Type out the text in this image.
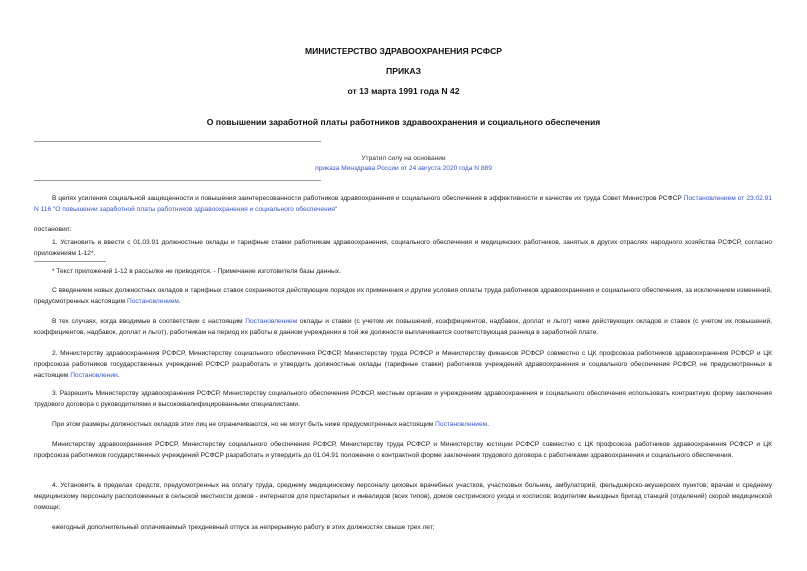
МИНИСТЕРСТВО ЗДРАВООХРАНЕНИЯ РСФСР
ПРИКАЗ
от 13 марта 1991 года N 42
О повышении заработной платы работников здравоохранения и социального обеспечения
Утратил силу на основании
приказа Минздрава России от 24 августа 2020 года N 889
В целях усиления социальной защищенности и повышения заинтересованности работников здравоохранения и социального обеспечения в эффективности и качестве их труда Совет Министров РСФСР Постановлением от 23.02.91 N 116 "О повышении заработной платы работников здравоохранения и социального обеспечения"
постановил:
1. Установить и ввести с 01.03.91 должностные оклады и тарифные ставки работникам здравоохранения, социального обеспечения и медицинских работников, занятых в других отраслях народного хозяйства РСФСР, согласно приложениям 1-12*.
* Текст приложений 1-12 в рассылке не приводятся. - Примечание изготовителя базы данных.
С введением новых должностных окладов и тарифных ставок сохраняются действующие порядок их применения и другие условия оплаты труда работников здравоохранения и социального обеспечения, за исключением изменений, предусмотренных настоящим Постановлением.
В тех случаях, когда вводимые в соответствии с настоящим Постановлением оклады и ставки (с учетом их повышений, коэффициентов, надбавок, доплат и льгот) ниже действующих окладов и ставок (с учетом их повышений, коэффициентов, надбавок, доплат и льгот), работникам на период их работы в данном учреждении в той же должности выплачивается соответствующая разница в заработной плате.
2. Министерству здравоохранения РСФСР, Министерству социального обеспечения РСФСР, Министерству труда РСФСР и Министерству финансов РСФСР совместно с ЦК профсоюза работников здравоохранения РСФСР и ЦК профсоюза работников государственных учреждений РСФСР разработать и утвердить должностные оклады (тарифные ставки) работников учреждений здравоохранения и социального обеспечения РСФСР, не предусмотренных в настоящем Постановлении.
3. Разрешить Министерству здравоохранения РСФСР, Министерству социального обеспечения РСФСР, местным органам и учреждениям здравоохранения и социального обеспечения использовать контрактную форму заключения трудового договора с руководителями и высококвалифицированными специалистами.
При этом размеры должностных окладов этих лиц не ограничиваются, но не могут быть ниже предусмотренных настоящим Постановлением.
Министерству здравоохранения РСФСР, Министерству социального обеспечения РСФСР, Министерству труда РСФСР и Министерству юстиции РСФСР совместно с ЦК профсоюза работников здравоохранения РСФСР и ЦК профсоюза работников государственных учреждений РСФСР разработать и утвердить до 01.04.91 положение о контрактной форме заключения трудового договора с работниками здравоохранения и социального обеспечения.
4. Установить в пределах средств, предусмотренных на оплату труда, среднему медицинскому персоналу цеховых врачебных участков, участковых больниц, амбулаторий, фельдшерско-акушерских пунктов; врачам и среднему медицинскому персоналу расположенных в сельской местности домов - интернатов для престарелых и инвалидов (всех типов), домов сестринского ухода и хосписов; водителям выездных бригад станций (отделений) скорой медицинской помощи:
ежегодный дополнительный оплачиваемый трехдневный отпуск за непрерывную работу в этих должностях свыше трех лет;
